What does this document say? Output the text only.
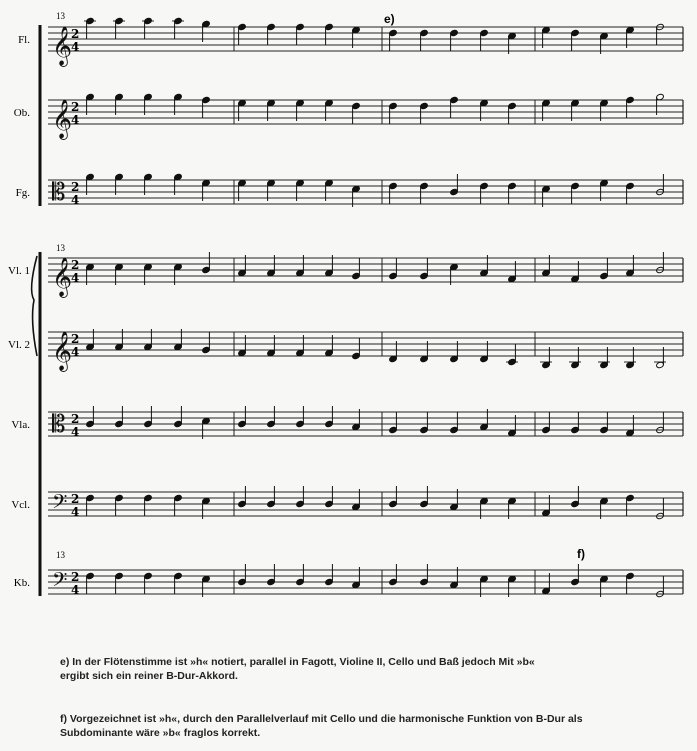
𝄞
2
4
𝄞
2
4
𝄡 2
4
𝄞
2
4
𝄞
2
4
𝄡 2
4
𝄢 2
4
𝄢 2
4
Fl.
Ob.
Fg.
Vl. 1
Vl. 2
Vla.
Vcl.
Kb.
13
13
13
e)
f)
e) In der Flötenstimme ist »h« notiert, parallel in Fagott, Violine II, Cello und Baß jedoch Mit »b«
ergibt sich ein reiner B-Dur-Akkord.
f) Vorgezeichnet ist »h«, durch den Parallelverlauf mit Cello und die harmonische Funktion von B-Dur als
Subdominante wäre »b« fraglos korrekt.
